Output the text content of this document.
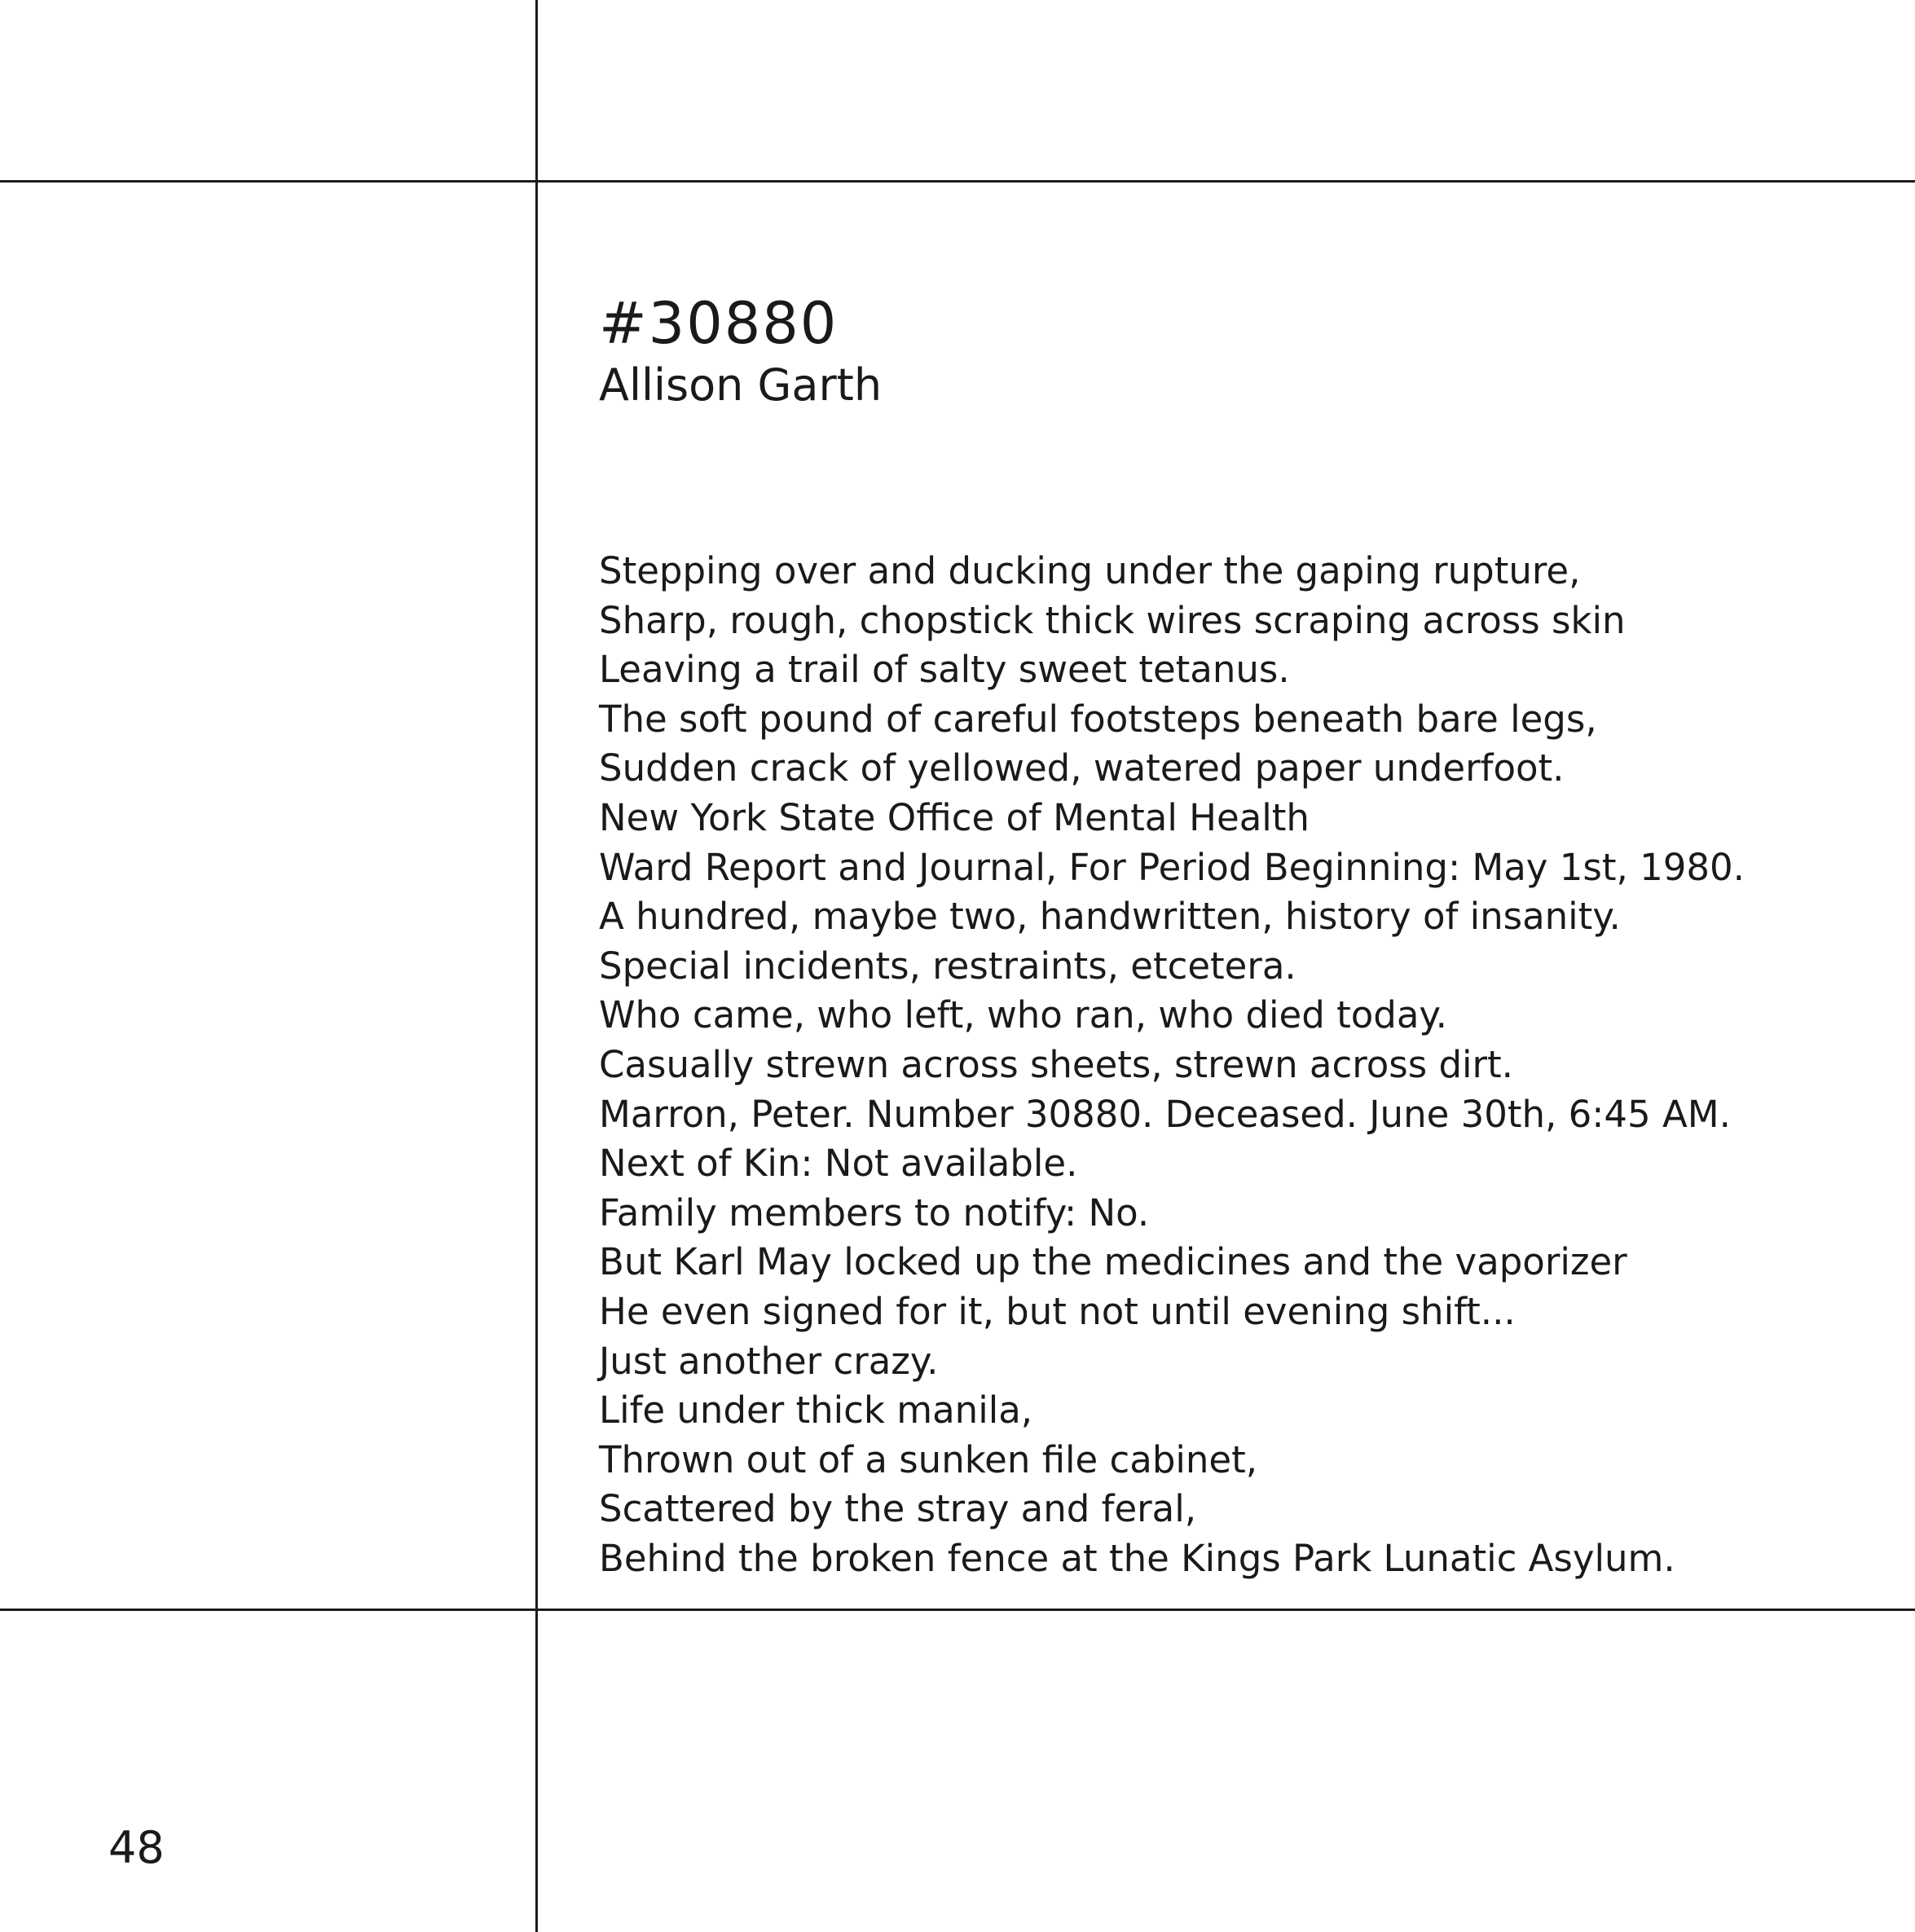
#30880
Allison Garth
Stepping over and ducking under the gaping rupture,
Sharp, rough, chopstick thick wires scraping across skin
Leaving a trail of salty sweet tetanus.
The soft pound of careful footsteps beneath bare legs,
Sudden crack of yellowed, watered paper underfoot.
New York State Office of Mental Health
Ward Report and Journal, For Period Beginning: May 1st, 1980.
A hundred, maybe two, handwritten, history of insanity.
Special incidents, restraints, etcetera.
Who came, who left, who ran, who died today.
Casually strewn across sheets, strewn across dirt.
Marron, Peter. Number 30880. Deceased. June 30th, 6:45 AM.
Next of Kin: Not available.
Family members to notify: No.
But Karl May locked up the medicines and the vaporizer
He even signed for it, but not until evening shift...
Just another crazy.
Life under thick manila,
Thrown out of a sunken file cabinet,
Scattered by the stray and feral,
Behind the broken fence at the Kings Park Lunatic Asylum.
48
